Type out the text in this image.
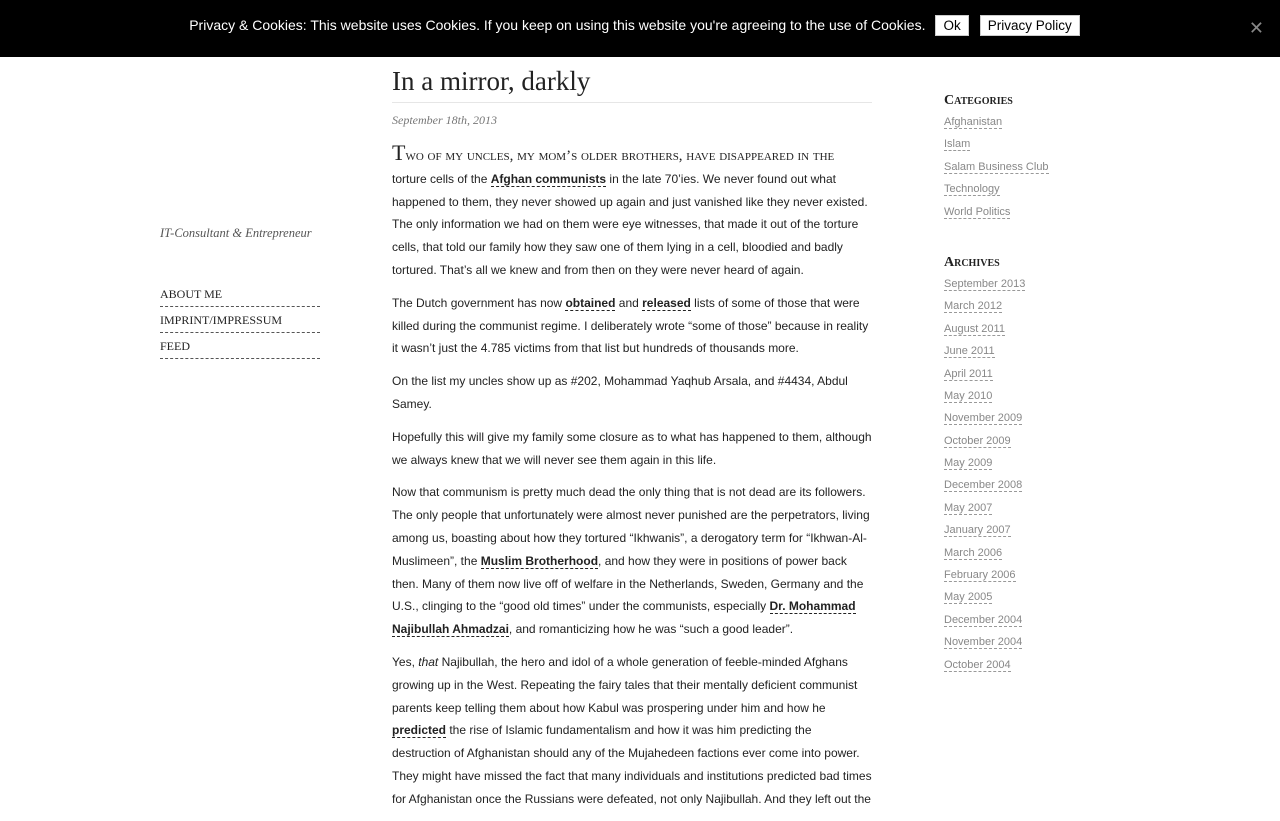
Privacy & Cookies: This website uses Cookies. If you keep on using this website you're agreeing to the use of Cookies.	Ok	Privacy Policy	✕
IT-Consultant & Entrepreneur
ABOUT ME
IMPRINT/IMPRESSUM
FEED
In a mirror, darkly
September 18th, 2013

Two of my uncles, my mom’s older brothers, have disappeared in the
torture cells of the Afghan communists in the late 70’ies. We never found out what happened to them, they never showed up again and just vanished like they never existed. The only information we had on them were eye witnesses, that made it out of the torture cells, that told our family how they saw one of them lying in a cell, bloodied and badly tortured. That’s all we knew and from then on they were never heard of again.

The Dutch government has now obtained and released lists of some of those that were killed during the communist regime. I deliberately wrote “some of those” because in reality it wasn’t just the 4.785 victims from that list but hundreds of thousands more.

On the list my uncles show up as #202, Mohammad Yaqhub Arsala, and #4434, Abdul Samey.

Hopefully this will give my family some closure as to what has happened to them, although we always knew that we will never see them again in this life.

Now that communism is pretty much dead the only thing that is not dead are its followers. The only people that unfortunately were almost never punished are the perpetrators, living among us, boasting about how they tortured “Ikhwanis”, a derogatory term for “Ikhwan-Al-Muslimeen”, the Muslim Brotherhood, and how they were in positions of power back then. Many of them now live off of welfare in the Netherlands, Sweden, Germany and the U.S., clinging to the “good old times” under the communists, especially Dr. Mohammad Najibullah Ahmadzai, and romanticizing how he was “such a good leader”.

Yes, that Najibullah, the hero and idol of a whole generation of feeble-minded Afghans growing up in the West. Repeating the fairy tales that their mentally deficient communist parents keep telling them about how Kabul was prospering under him and how he predicted the rise of Islamic fundamentalism and how it was him predicting the destruction of Afghanistan should any of the Mujahedeen factions ever come into power. They might have missed the fact that many individuals and institutions predicted bad times for Afghanistan once the Russians were defeated, not only Najibullah. And they left out the

Categories
Afghanistan
Islam
Salam Business Club
Technology
World Politics
Archives
September 2013
March 2012
August 2011
June 2011
April 2011
May 2010
November 2009
October 2009
May 2009
December 2008
May 2007
January 2007
March 2006
February 2006
May 2005
December 2004
November 2004
October 2004
